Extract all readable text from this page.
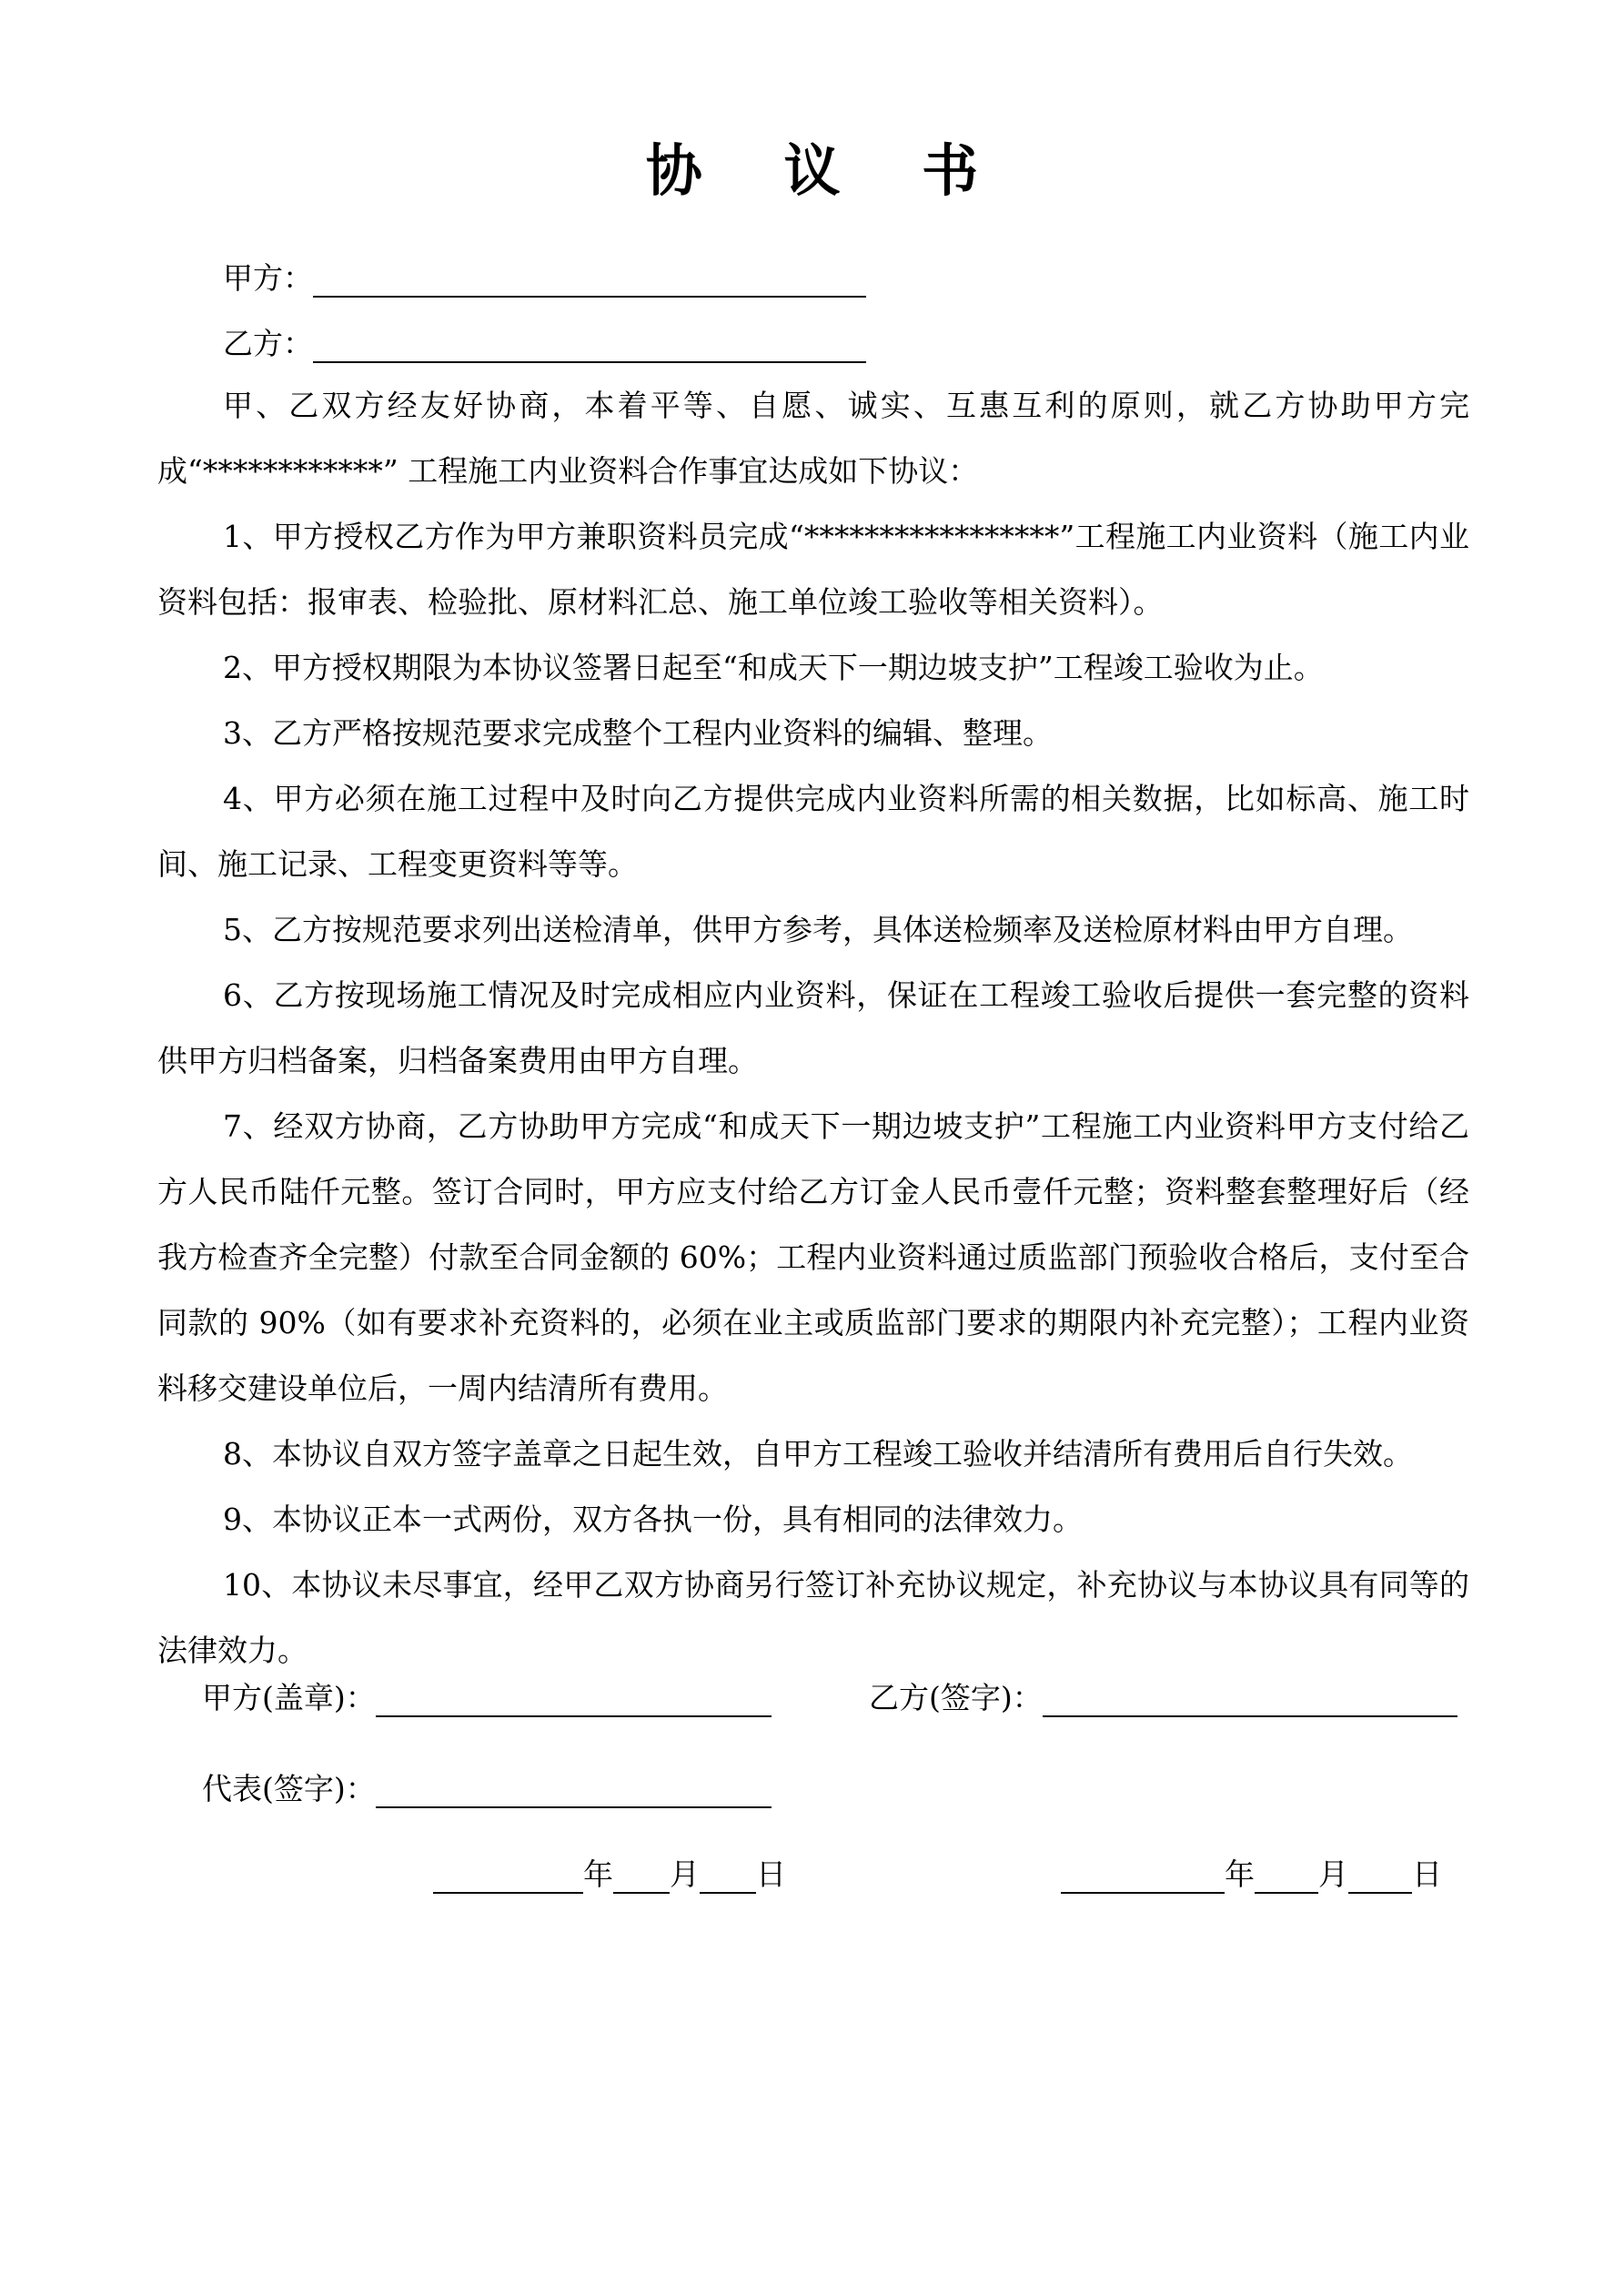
协 议 书
甲方：
乙方：

甲、乙双方经友好协商，本着平等、自愿、诚实、互惠互利的原则，就乙方协助甲方完成“************” 工程施工内业资料合作事宜达成如下协议：

1、甲方授权乙方作为甲方兼职资料员完成“*****************”工程施工内业资料（施工内业资料包括：报审表、检验批、原材料汇总、施工单位竣工验收等相关资料）。

2、甲方授权期限为本协议签署日起至“和成天下一期边坡支护”工程竣工验收为止。

3、乙方严格按规范要求完成整个工程内业资料的编辑、整理。

4、甲方必须在施工过程中及时向乙方提供完成内业资料所需的相关数据，比如标高、施工时间、施工记录、工程变更资料等等。

5、乙方按规范要求列出送检清单，供甲方参考，具体送检频率及送检原材料由甲方自理。

6、乙方按现场施工情况及时完成相应内业资料，保证在工程竣工验收后提供一套完整的资料供甲方归档备案，归档备案费用由甲方自理。

7、经双方协商，乙方协助甲方完成“和成天下一期边坡支护”工程施工内业资料甲方支付给乙方人民币陆仟元整。签订合同时，甲方应支付给乙方订金人民币壹仟元整；资料整套整理好后（经我方检查齐全完整）付款至合同金额的 60%；工程内业资料通过质监部门预验收合格后，支付至合同款的 90%（如有要求补充资料的，必须在业主或质监部门要求的期限内补充完整）；工程内业资料移交建设单位后，一周内结清所有费用。

8、本协议自双方签字盖章之日起生效，自甲方工程竣工验收并结清所有费用后自行失效。

9、本协议正本一式两份，双方各执一份，具有相同的法律效力。

10、本协议未尽事宜，经甲乙双方协商另行签订补充协议规定，补充协议与本协议具有同等的法律效力。

甲方(盖章)：	乙方(签字)：
代表(签字)：
年 月 日	年 月 日
